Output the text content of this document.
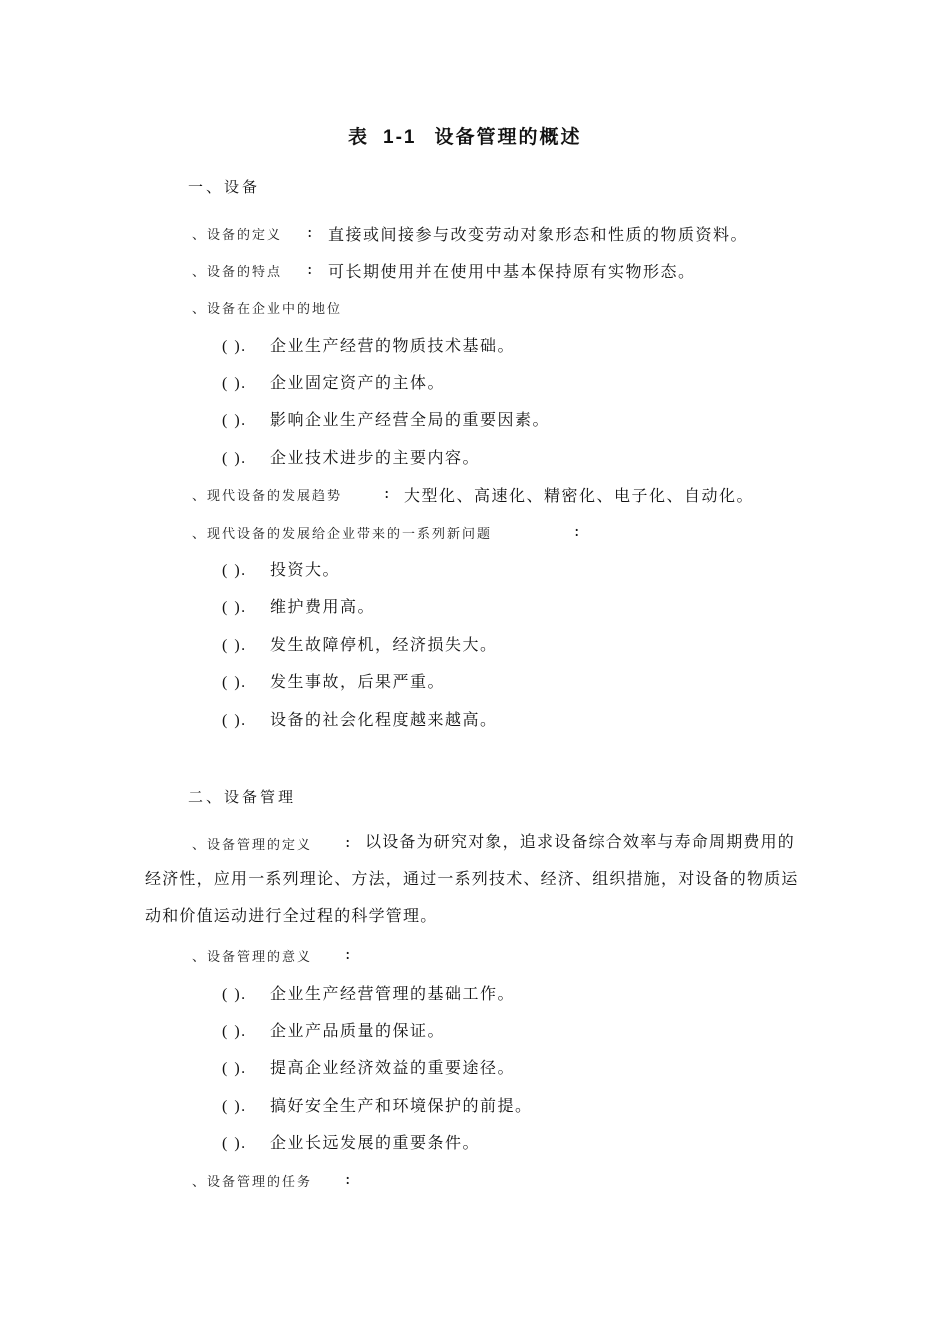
表 1-1 设备管理的概述
一、设备
、设备的定义 : 直接或间接参与改变劳动对象形态和性质的物质资料。
、设备的特点 : 可长期使用并在使用中基本保持原有实物形态。
、设备在企业中的地位
( ). 企业生产经营的物质技术基础。
( ). 企业固定资产的主体。
( ). 影响企业生产经营全局的重要因素。
( ). 企业技术进步的主要内容。
、现代设备的发展趋势	: 大型化、高速化、精密化、电子化、自动化。
、现代设备的发展给企业带来的一系列新问题	:
( ). 投资大。
( ). 维护费用高。
( ). 发生故障停机，经济损失大。
( ). 发生事故，后果严重。
( ). 设备的社会化程度越来越高。
二、设备管理
、设备管理的定义 : 以设备为研究对象，追求设备综合效率与寿命周期费用的经济性，应用一系列理论、方法，通过一系列技术、经济、组织措施，对设备的物质运动和价值运动进行全过程的科学管理。
、设备管理的意义 :
( ). 企业生产经营管理的基础工作。
( ). 企业产品质量的保证。
( ). 提高企业经济效益的重要途径。
( ). 搞好安全生产和环境保护的前提。
( ). 企业长远发展的重要条件。
、设备管理的任务 :
